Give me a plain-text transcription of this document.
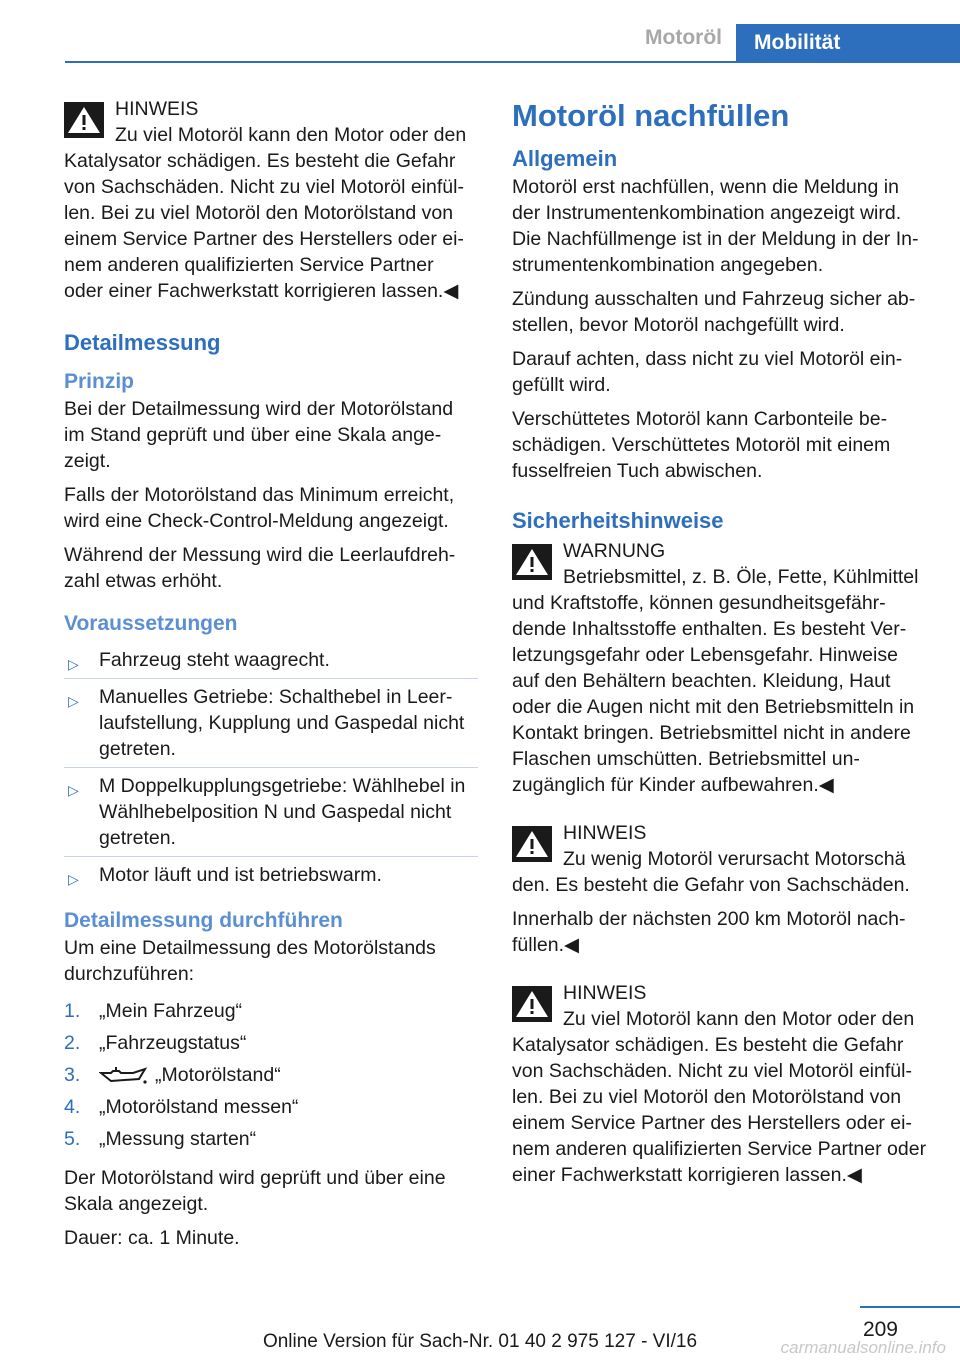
Motoröl	Mobilität
HINWEIS
Zu viel Motoröl kann den Motor oder den
Katalysator schädigen. Es besteht die Gefahr von Sachschäden. Nicht zu viel Motoröl einfüllen. Bei zu viel Motoröl den Motorölstand von einem Service Partner des Herstellers oder einem anderen qualifizierten Service Partner oder einer Fachwerkstatt korrigieren lassen.◀
Detailmessung
Prinzip

Bei der Detailmessung wird der Motorölstand im Stand geprüft und über eine Skala angezeigt.

Falls der Motorölstand das Minimum erreicht, wird eine Check-Control-Meldung angezeigt.

Während der Messung wird die Leerlaufdrehzahl etwas erhöht.

Voraussetzungen
▷ Fahrzeug steht waagrecht.
▷ Manuelles Getriebe: Schalthebel in Leerlaufstellung, Kupplung und Gaspedal nicht getreten.
▷ M Doppelkupplungsgetriebe: Wählhebel in Wählhebelposition N und Gaspedal nicht getreten.
▷ Motor läuft und ist betriebswarm.
Detailmessung durchführen

Um eine Detailmessung des Motorölstands durchzuführen:

1. „Mein Fahrzeug“
2. „Fahrzeugstatus“
3.	„Motorölstand“
4. „Motorölstand messen“
5. „Messung starten“

Der Motorölstand wird geprüft und über eine Skala angezeigt.

Dauer: ca. 1 Minute.

Motoröl nachfüllen
Allgemein

Motoröl erst nachfüllen, wenn die Meldung in der Instrumentenkombination angezeigt wird. Die Nachfüllmenge ist in der Meldung in der Instrumentenkombination angegeben.

Zündung ausschalten und Fahrzeug sicher abstellen, bevor Motoröl nachgefüllt wird.

Darauf achten, dass nicht zu viel Motoröl eingefüllt wird.

Verschüttetes Motoröl kann Carbonteile beschädigen. Verschüttetes Motoröl mit einem fusselfreien Tuch abwischen.

Sicherheitshinweise
WARNUNG
Betriebsmittel, z. B. Öle, Fette, Kühlmittel
und Kraftstoffe, können gesundheitsgefährdende Inhaltsstoffe enthalten. Es besteht Verletzungsgefahr oder Lebensgefahr. Hinweise auf den Behältern beachten. Kleidung, Haut oder die Augen nicht mit den Betriebsmitteln in Kontakt bringen. Betriebsmittel nicht in andere Flaschen umschütten. Betriebsmittel unzugänglich für Kinder aufbewahren.◀
HINWEIS
Zu wenig Motoröl verursacht Motorschä
den. Es besteht die Gefahr von Sachschäden.

Innerhalb der nächsten 200 km Motoröl nachfüllen.◀

HINWEIS
Zu viel Motoröl kann den Motor oder den
Katalysator schädigen. Es besteht die Gefahr von Sachschäden. Nicht zu viel Motoröl einfüllen. Bei zu viel Motoröl den Motorölstand von einem Service Partner des Herstellers oder einem anderen qualifizierten Service Partner oder einer Fachwerkstatt korrigieren lassen.◀
209
Online Version für Sach-Nr. 01 40 2 975 127 - VI/16	carmanualsonline.info
